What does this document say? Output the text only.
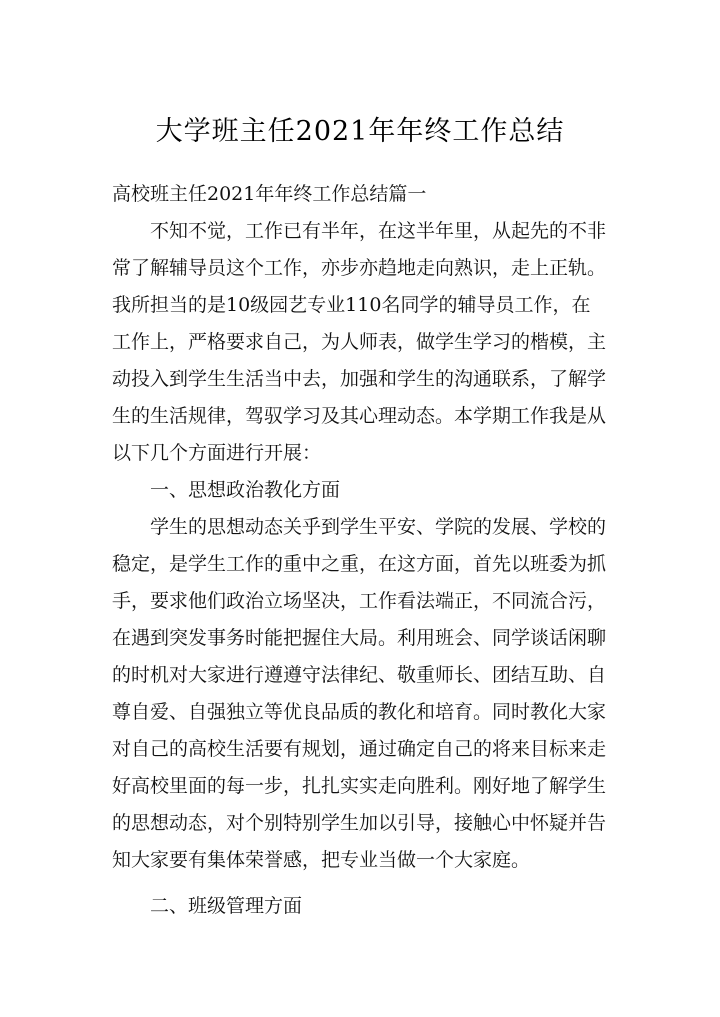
大学班主任2021年年终工作总结
高校班主任2021年年终工作总结篇一
不知不觉，工作已有半年，在这半年里，从起先的不非
常了解辅导员这个工作，亦步亦趋地走向熟识，走上正轨。
我所担当的是10级园艺专业110名同学的辅导员工作，在
工作上，严格要求自己，为人师表，做学生学习的楷模，主
动投入到学生生活当中去，加强和学生的沟通联系，了解学
生的生活规律，驾驭学习及其心理动态。本学期工作我是从
以下几个方面进行开展：
一、思想政治教化方面
学生的思想动态关乎到学生平安、学院的发展、学校的
稳定，是学生工作的重中之重，在这方面，首先以班委为抓
手，要求他们政治立场坚决，工作看法端正，不同流合污，
在遇到突发事务时能把握住大局。利用班会、同学谈话闲聊
的时机对大家进行遵遵守法律纪、敬重师长、团结互助、自
尊自爱、自强独立等优良品质的教化和培育。同时教化大家
对自己的高校生活要有规划，通过确定自己的将来目标来走
好高校里面的每一步，扎扎实实走向胜利。刚好地了解学生
的思想动态，对个别特别学生加以引导，接触心中怀疑并告
知大家要有集体荣誉感，把专业当做一个大家庭。
二、班级管理方面
